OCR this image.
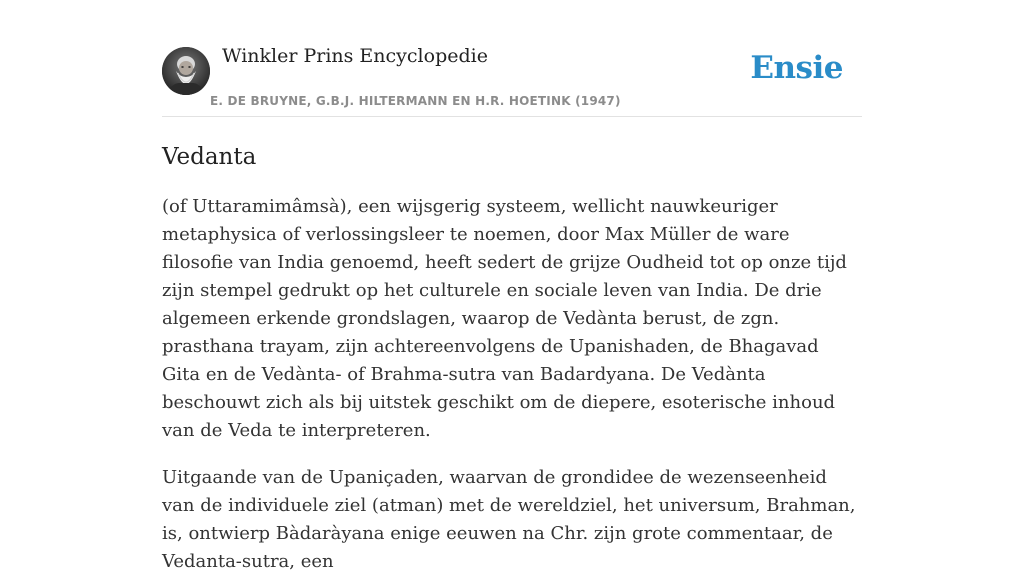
Winkler Prins Encyclopedie
E. DE BRUYNE, G.B.J. HILTERMANN EN H.R. HOETINK (1947)
Ensie
Vedanta

(of Uttaramimâmsà), een wijsgerig systeem, wellicht nauwkeuriger metaphysica of verlossingsleer te noemen, door Max Müller de ware filosofie van India genoemd, heeft sedert de grijze Oudheid tot op onze tijd zijn stempel gedrukt op het culturele en sociale leven van India. De drie algemeen erkende grondslagen, waarop de Vedànta berust, de zgn. prasthana trayam, zijn achtereenvolgens de Upanishaden, de Bhagavad Gita en de Vedànta- of Brahma-sutra van Badardyana. De Vedànta beschouwt zich als bij uitstek geschikt om de diepere, esoterische inhoud van de Veda te interpreteren.

Uitgaande van de Upaniçaden, waarvan de grondidee de wezenseenheid van de individuele ziel (atman) met de wereldziel, het universum, Brahman, is, ontwierp Bàdaràyana enige eeuwen na Chr. zijn grote commentaar, de Vedanta-sutra, een
